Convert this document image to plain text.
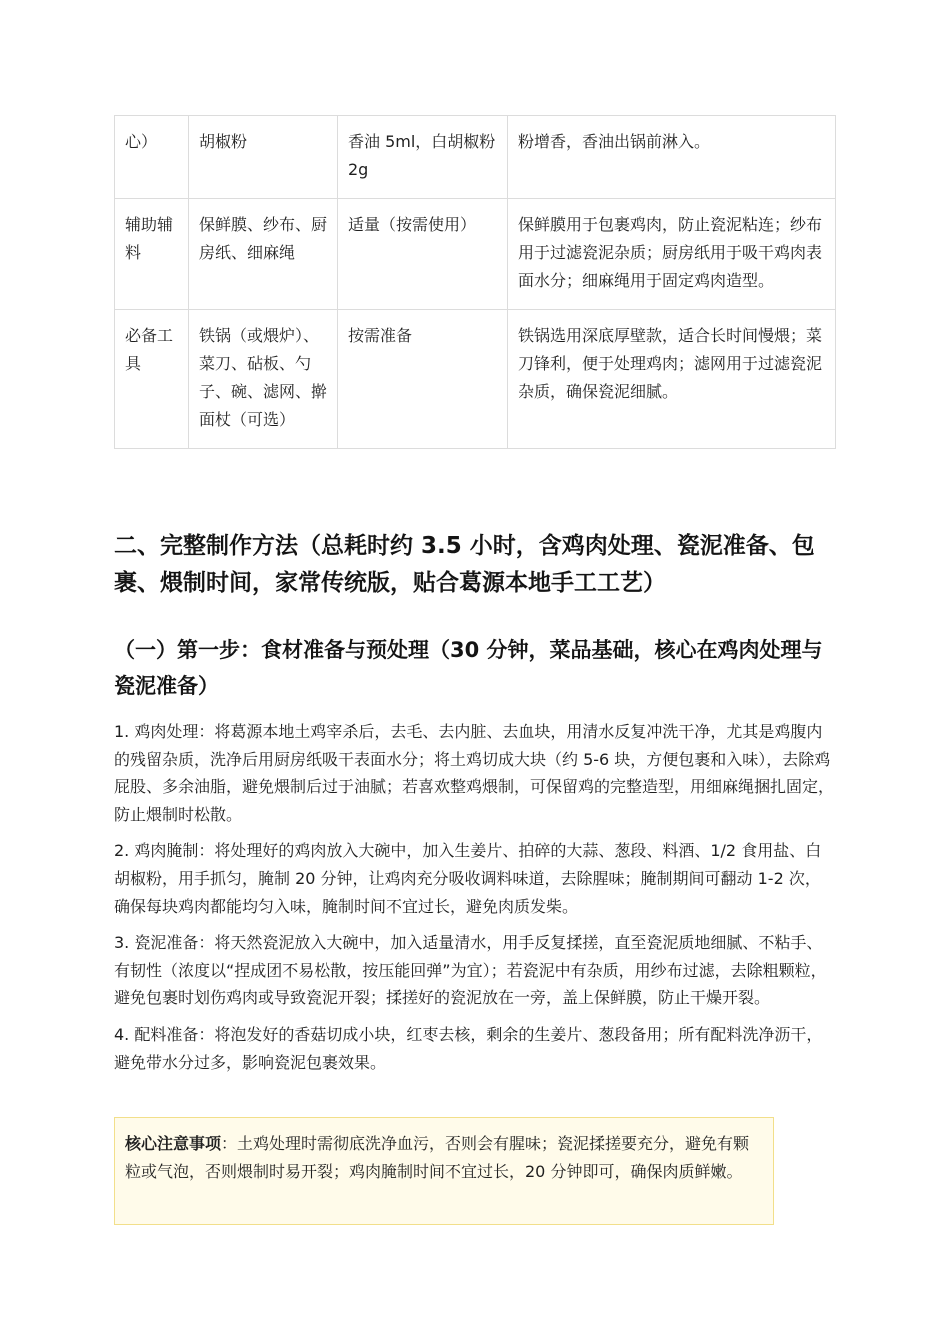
心）	胡椒粉	香油 5ml，白胡椒粉 2g	粉增香，香油出锅前淋入。
辅助辅料	保鲜膜、纱布、厨房纸、细麻绳	适量（按需使用）	保鲜膜用于包裹鸡肉，防止瓷泥粘连；纱布用于过滤瓷泥杂质；厨房纸用于吸干鸡肉表面水分；细麻绳用于固定鸡肉造型。
必备工具	铁锅（或煨炉）、菜刀、砧板、勺子、碗、滤网、擀面杖（可选）	按需准备	铁锅选用深底厚壁款，适合长时间慢煨；菜刀锋利，便于处理鸡肉；滤网用于过滤瓷泥杂质，确保瓷泥细腻。
二、完整制作方法（总耗时约 3.5 小时，含鸡肉处理、瓷泥准备、包裹、煨制时间，家常传统版，贴合葛源本地手工工艺）
（一）第一步：食材准备与预处理（30 分钟，菜品基础，核心在鸡肉处理与瓷泥准备）

1. 鸡肉处理：将葛源本地土鸡宰杀后，去毛、去内脏、去血块，用清水反复冲洗干净，尤其是鸡腹内的残留杂质，洗净后用厨房纸吸干表面水分；将土鸡切成大块（约 5-6 块，方便包裹和入味），去除鸡屁股、多余油脂，避免煨制后过于油腻；若喜欢整鸡煨制，可保留鸡的完整造型，用细麻绳捆扎固定，防止煨制时松散。

2. 鸡肉腌制：将处理好的鸡肉放入大碗中，加入生姜片、拍碎的大蒜、葱段、料酒、1/2 食用盐、白胡椒粉，用手抓匀，腌制 20 分钟，让鸡肉充分吸收调料味道，去除腥味；腌制期间可翻动 1-2 次，确保每块鸡肉都能均匀入味，腌制时间不宜过长，避免肉质发柴。

3. 瓷泥准备：将天然瓷泥放入大碗中，加入适量清水，用手反复揉搓，直至瓷泥质地细腻、不粘手、有韧性（浓度以“捏成团不易松散，按压能回弹”为宜）；若瓷泥中有杂质，用纱布过滤，去除粗颗粒，避免包裹时划伤鸡肉或导致瓷泥开裂；揉搓好的瓷泥放在一旁，盖上保鲜膜，防止干燥开裂。

4. 配料准备：将泡发好的香菇切成小块，红枣去核，剩余的生姜片、葱段备用；所有配料洗净沥干，避免带水分过多，影响瓷泥包裹效果。

核心注意事项：土鸡处理时需彻底洗净血污，否则会有腥味；瓷泥揉搓要充分，避免有颗粒或气泡，否则煨制时易开裂；鸡肉腌制时间不宜过长，20 分钟即可，确保肉质鲜嫩。
